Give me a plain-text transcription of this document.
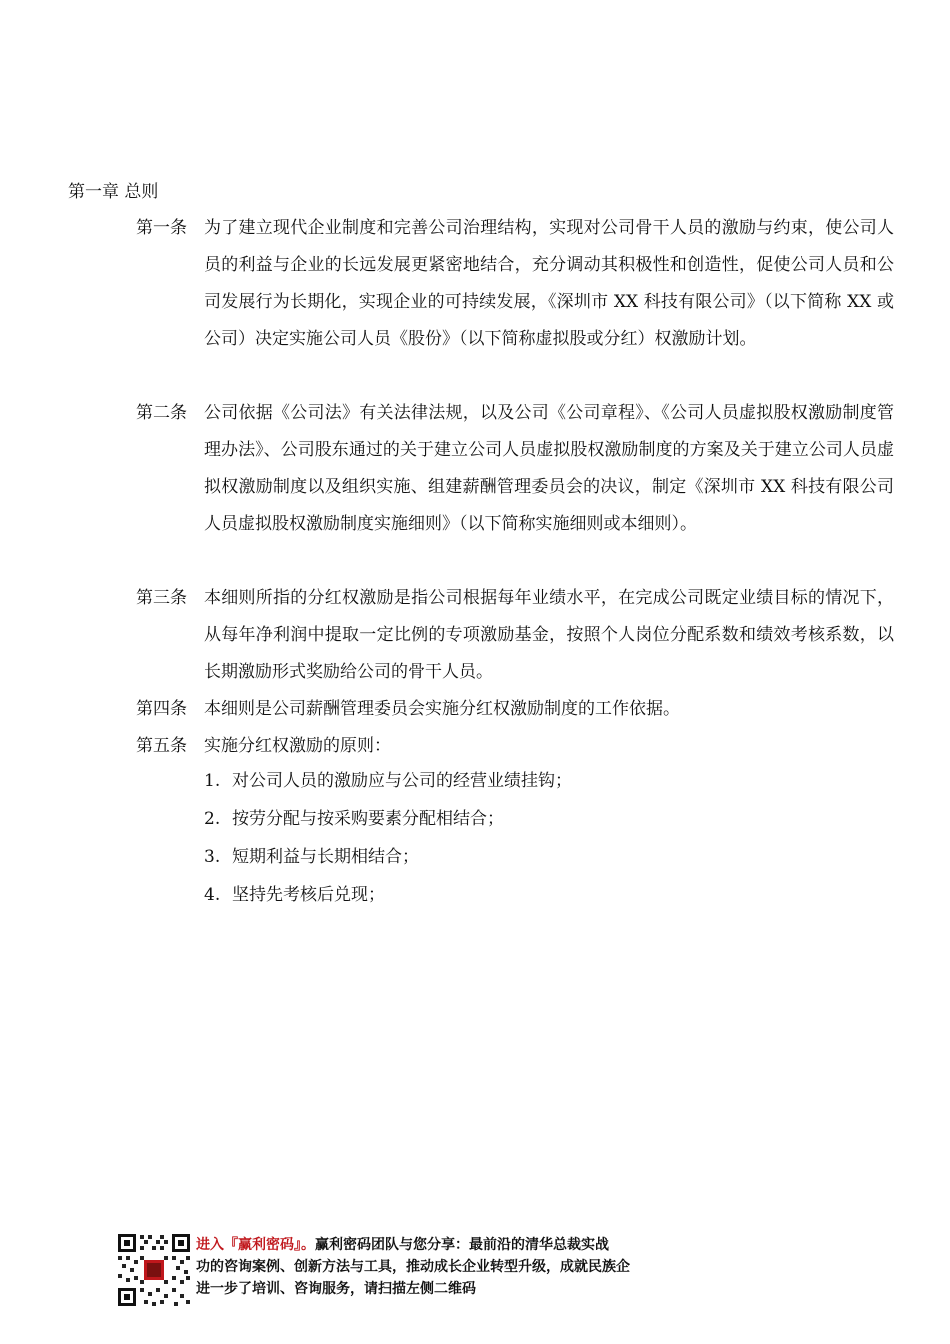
第一章 总则
第一条 为了建立现代企业制度和完善公司治理结构，实现对公司骨干人员的激励与约束，使公司人员的利益与企业的长远发展更紧密地结合，充分调动其积极性和创造性，促使公司人员和公司发展行为长期化，实现企业的可持续发展，《深圳市 XX 科技有限公司》（以下简称 XX 或公司）决定实施公司人员《股份》（以下简称虚拟股或分红）权激励计划。
第二条 公司依据《公司法》有关法律法规，以及公司《公司章程》、《公司人员虚拟股权激励制度管理办法》、公司股东通过的关于建立公司人员虚拟股权激励制度的方案及关于建立公司人员虚拟权激励制度以及组织实施、组建薪酬管理委员会的决议，制定《深圳市 XX 科技有限公司人员虚拟股权激励制度实施细则》（以下简称实施细则或本细则）。
第三条 本细则所指的分红权激励是指公司根据每年业绩水平，在完成公司既定业绩目标的情况下，从每年净利润中提取一定比例的专项激励基金，按照个人岗位分配系数和绩效考核系数，以长期激励形式奖励给公司的骨干人员。
第四条 本细则是公司薪酬管理委员会实施分红权激励制度的工作依据。
第五条 实施分红权激励的原则：
1. 对公司人员的激励应与公司的经营业绩挂钩；
2. 按劳分配与按采购要素分配相结合；
3. 短期利益与长期相结合；
4. 坚持先考核后兑现；
进入『赢利密码』。赢利密码团队与您分享：最前沿的清华总裁实战
功的咨询案例、创新方法与工具，推动成长企业转型升级，成就民族企
进一步了培训、咨询服务，请扫描左侧二维码
